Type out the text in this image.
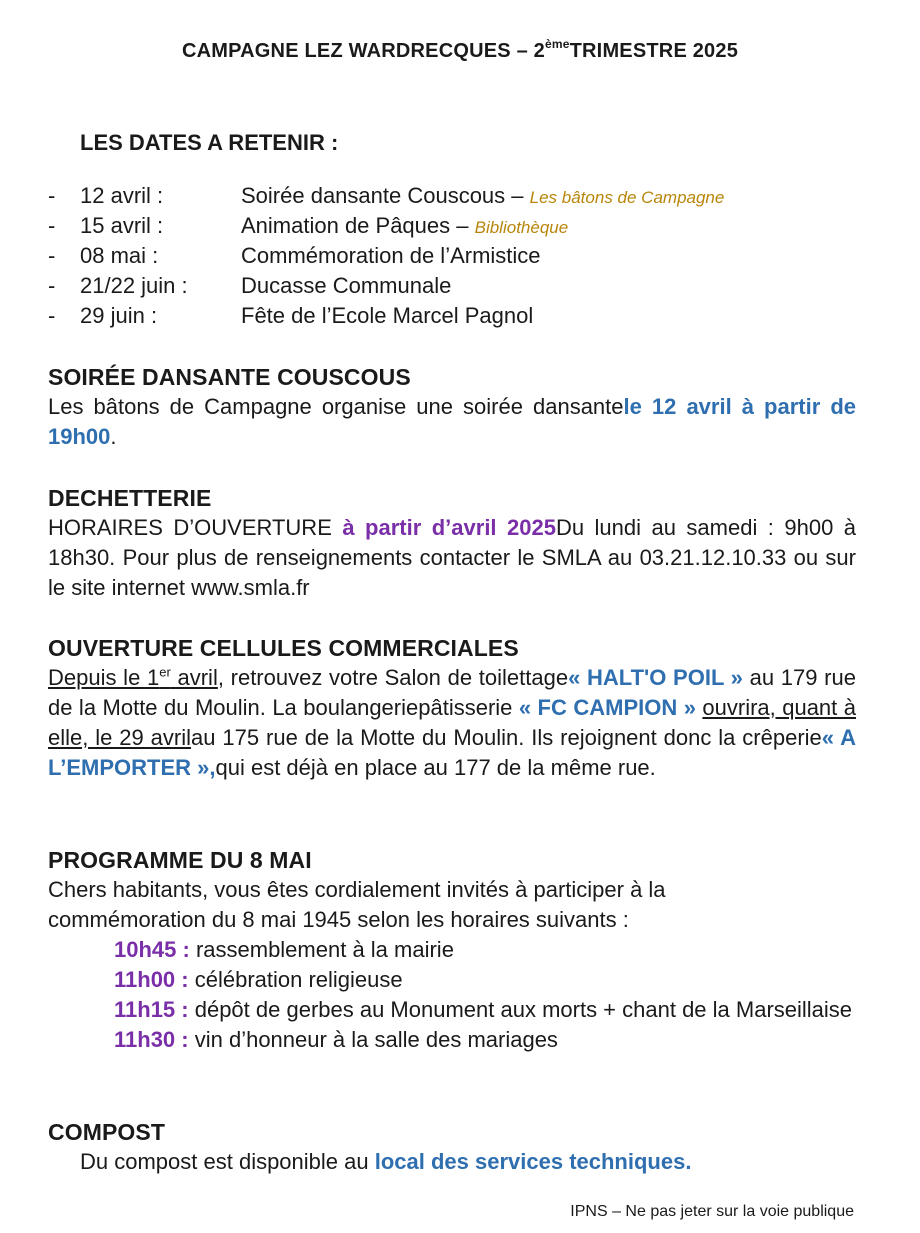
CAMPAGNE LEZ WARDRECQUES – 2èmeTRIMESTRE 2025
LES DATES A RETENIR :
-	12 avril :	Soirée dansante Couscous – Les bâtons de Campagne
-	15 avril :	Animation de Pâques – Bibliothèque
-	08 mai :	Commémoration de l’Armistice
-	21/22 juin :	Ducasse Communale
-	29 juin :	Fête de l’Ecole Marcel Pagnol
SOIRÉE DANSANTE COUSCOUS
Les bâtons de Campagne organise une soirée dansantele 12 avril à partir de 19h00.
DECHETTERIE
HORAIRES D’OUVERTURE à partir d’avril 2025Du lundi au samedi : 9h00 à 18h30. Pour plus de renseignements contacter le SMLA au 03.21.12.10.33 ou sur le site internet www.smla.fr
OUVERTURE CELLULES COMMERCIALES
Depuis le 1er avril, retrouvez votre Salon de toilettage« HALT'O POIL » au 179 rue de la Motte du Moulin. La boulangeriepâtisserie « FC CAMPION » ouvrira, quant à elle, le 29 avrilau 175 rue de la Motte du Moulin. Ils rejoignent donc la crêperie« A L’EMPORTER »,qui est déjà en place au 177 de la même rue.
PROGRAMME DU 8 MAI
Chers habitants, vous êtes cordialement invités à participer à la commémoration du 8 mai 1945 selon les horaires suivants :
10h45 : rassemblement à la mairie
11h00 : célébration religieuse
11h15 : dépôt de gerbes au Monument aux morts + chant de la Marseillaise
11h30 : vin d’honneur à la salle des mariages
COMPOST
Du compost est disponible au local des services techniques.
IPNS – Ne pas jeter sur la voie publique
